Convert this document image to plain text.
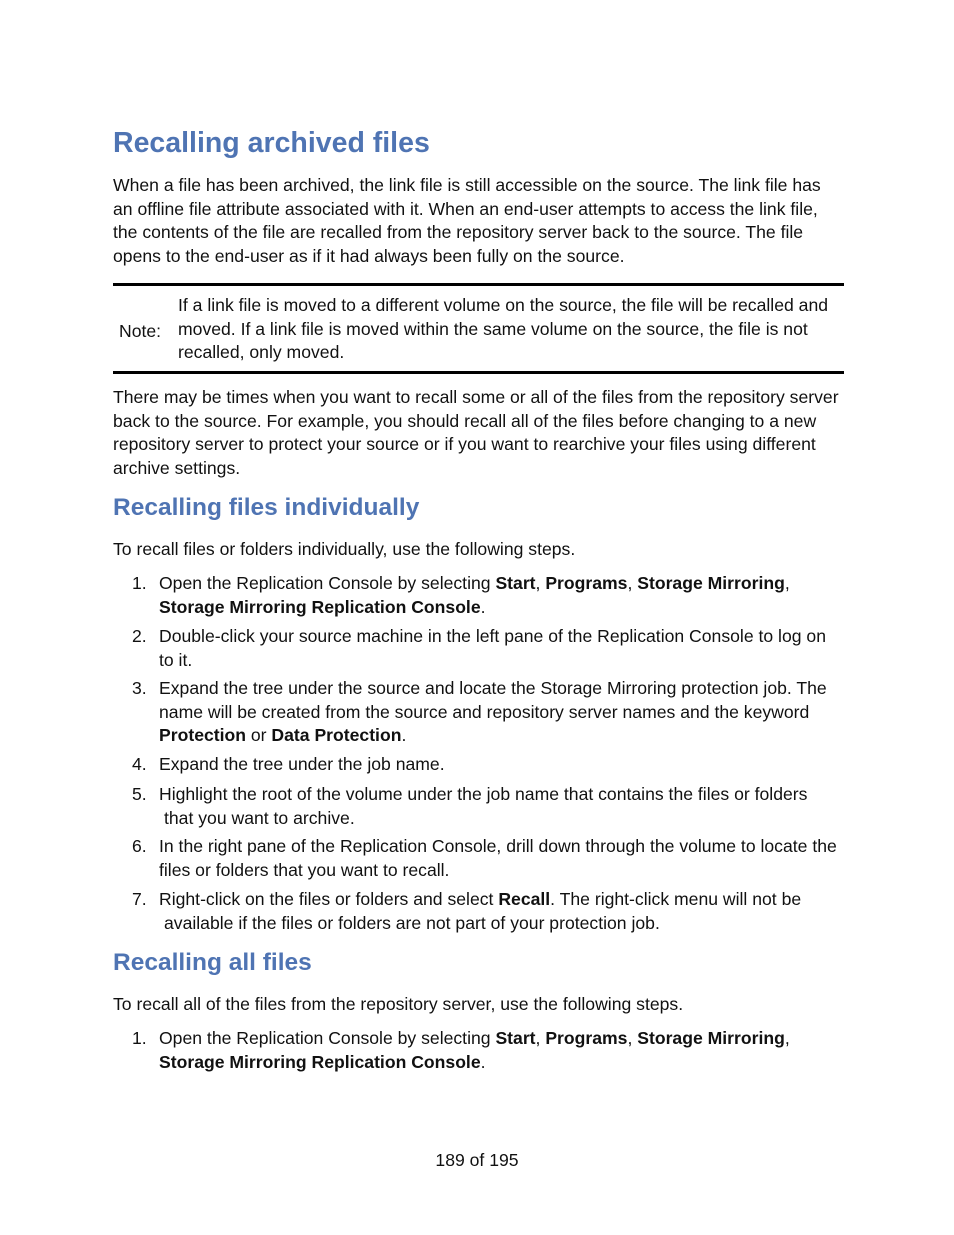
Recalling archived files

When a file has been archived, the link file is still accessible on the source. The link file has an offline file attribute associated with it. When an end-user attempts to access the link file, the contents of the file are recalled from the repository server back to the source. The file opens to the end-user as if it had always been fully on the source.

Note:
If a link file is moved to a different volume on the source, the file will be recalled and moved. If a link file is moved within the same volume on the source, the file is not recalled, only moved.

There may be times when you want to recall some or all of the files from the repository server back to the source. For example, you should recall all of the files before changing to a new repository server to protect your source or if you want to rearchive your files using different archive settings.

Recalling files individually

To recall files or folders individually, use the following steps.

1. Open the Replication Console by selecting Start, Programs, Storage Mirroring,
Storage Mirroring Replication Console.
2. Double-click your source machine in the left pane of the Replication Console to log on to it.
3. Expand the tree under the source and locate the Storage Mirroring protection job. The name will be created from the source and repository server names and the keyword Protection or Data Protection.
4. Expand the tree under the job name.
5. Highlight the root of the volume under the job name that contains the files or folders
that you want to archive.
6. In the right pane of the Replication Console, drill down through the volume to locate the files or folders that you want to recall.
7. Right-click on the files or folders and select Recall. The right-click menu will not be
available if the files or folders are not part of your protection job.
Recalling all files

To recall all of the files from the repository server, use the following steps.

1. Open the Replication Console by selecting Start, Programs, Storage Mirroring,
Storage Mirroring Replication Console.
189 of 195
